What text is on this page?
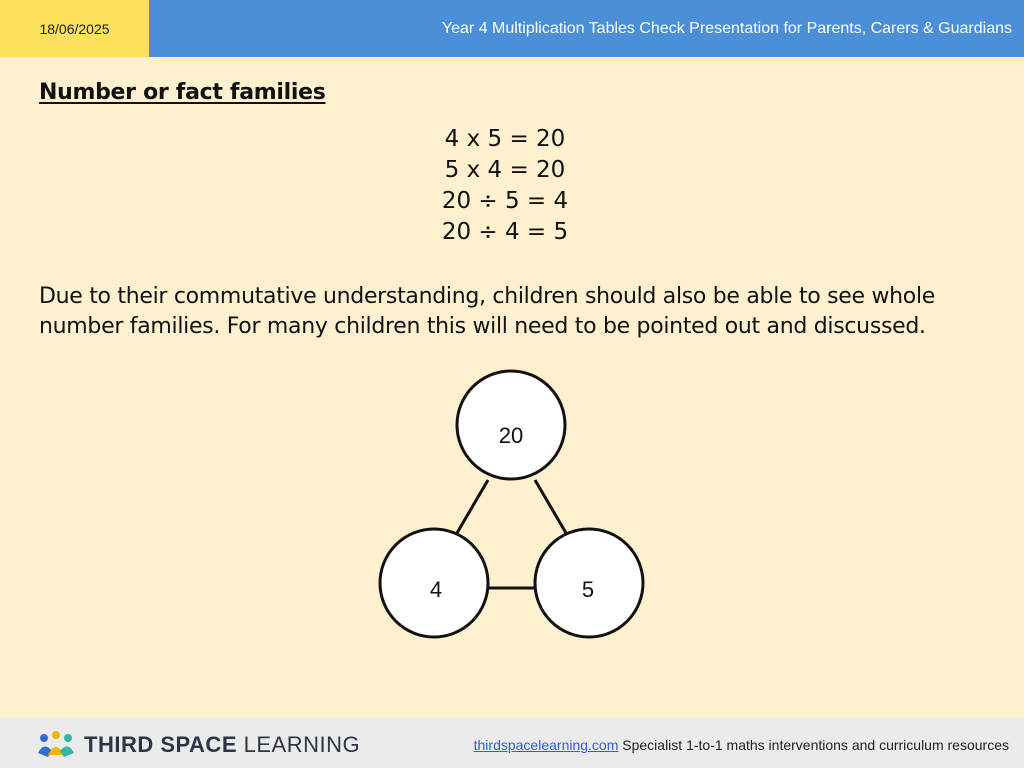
18/06/2025	Year 4 Multiplication Tables Check Presentation for Parents, Carers & Guardians
Number or fact families
4 x 5 = 20
5 x 4 = 20
20 ÷ 5 = 4
20 ÷ 4 = 5
Due to their commutative understanding, children should also be able to see whole number families. For many children this will need to be pointed out and discussed.
20
4	5
THIRD SPACE LEARNING	thirdspacelearning.com Specialist 1-to-1 maths interventions and curriculum resources
